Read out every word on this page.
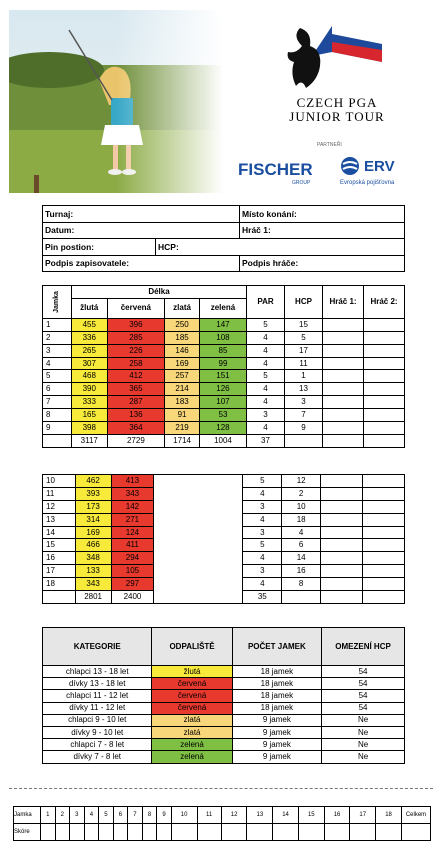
CZECH PGA
JUNIOR TOUR
PARTNEŘI
FISCHER
GROUP
ERV
Evropská pojišťovna
Turnaj:		Místo konání:
Datum:		Hráč 1:
Pin postion:	HCP:	
Podpis zapisovatele:		Podpis hráče:
Jamka	Délka				PAR	HCP	Hráč 1:	Hráč 2:
	žlutá	červená	zlatá	zelená				
1	455	396	250	147	5	15		
2	336	285	185	108	4	5		
3	265	226	146	85	4	17		
4	307	258	169	99	4	11		
5	468	412	257	151	5	1		
6	390	365	214	126	4	13		
7	333	287	183	107	4	3		
8	165	136	91	53	3	7		
9	398	364	219	128	4	9		
	3117	2729	1714	1004	37			
10	462	413		5	12		
11	393	343		4	2		
12	173	142		3	10		
13	314	271		4	18		
14	169	124		3	4		
15	466	411		5	6		
16	348	294		4	14		
17	133	105		3	16		
18	343	297		4	8		
	2801	2400		35			
KATEGORIE	ODPALIŠTĚ	POČET JAMEK	OMEZENÍ HCP
chlapci 13 - 18 let	žlutá	18 jamek	54
dívky 13 - 18 let	červená	18 jamek	54
chlapci 11 - 12 let	červená	18 jamek	54
dívky 11 - 12 let	červená	18 jamek	54
chlapci 9 - 10 let	zlatá	9 jamek	Ne
dívky 9 - 10 let	zlatá	9 jamek	Ne
chlapci 7 - 8 let	zelená	9 jamek	Ne
dívky 7 - 8 let	zelená	9 jamek	Ne
Jamka	1	2	3	4	5	6	7	8	9	10	11	12	13	14	15	16	17	18	Celkem
Skóre																			
